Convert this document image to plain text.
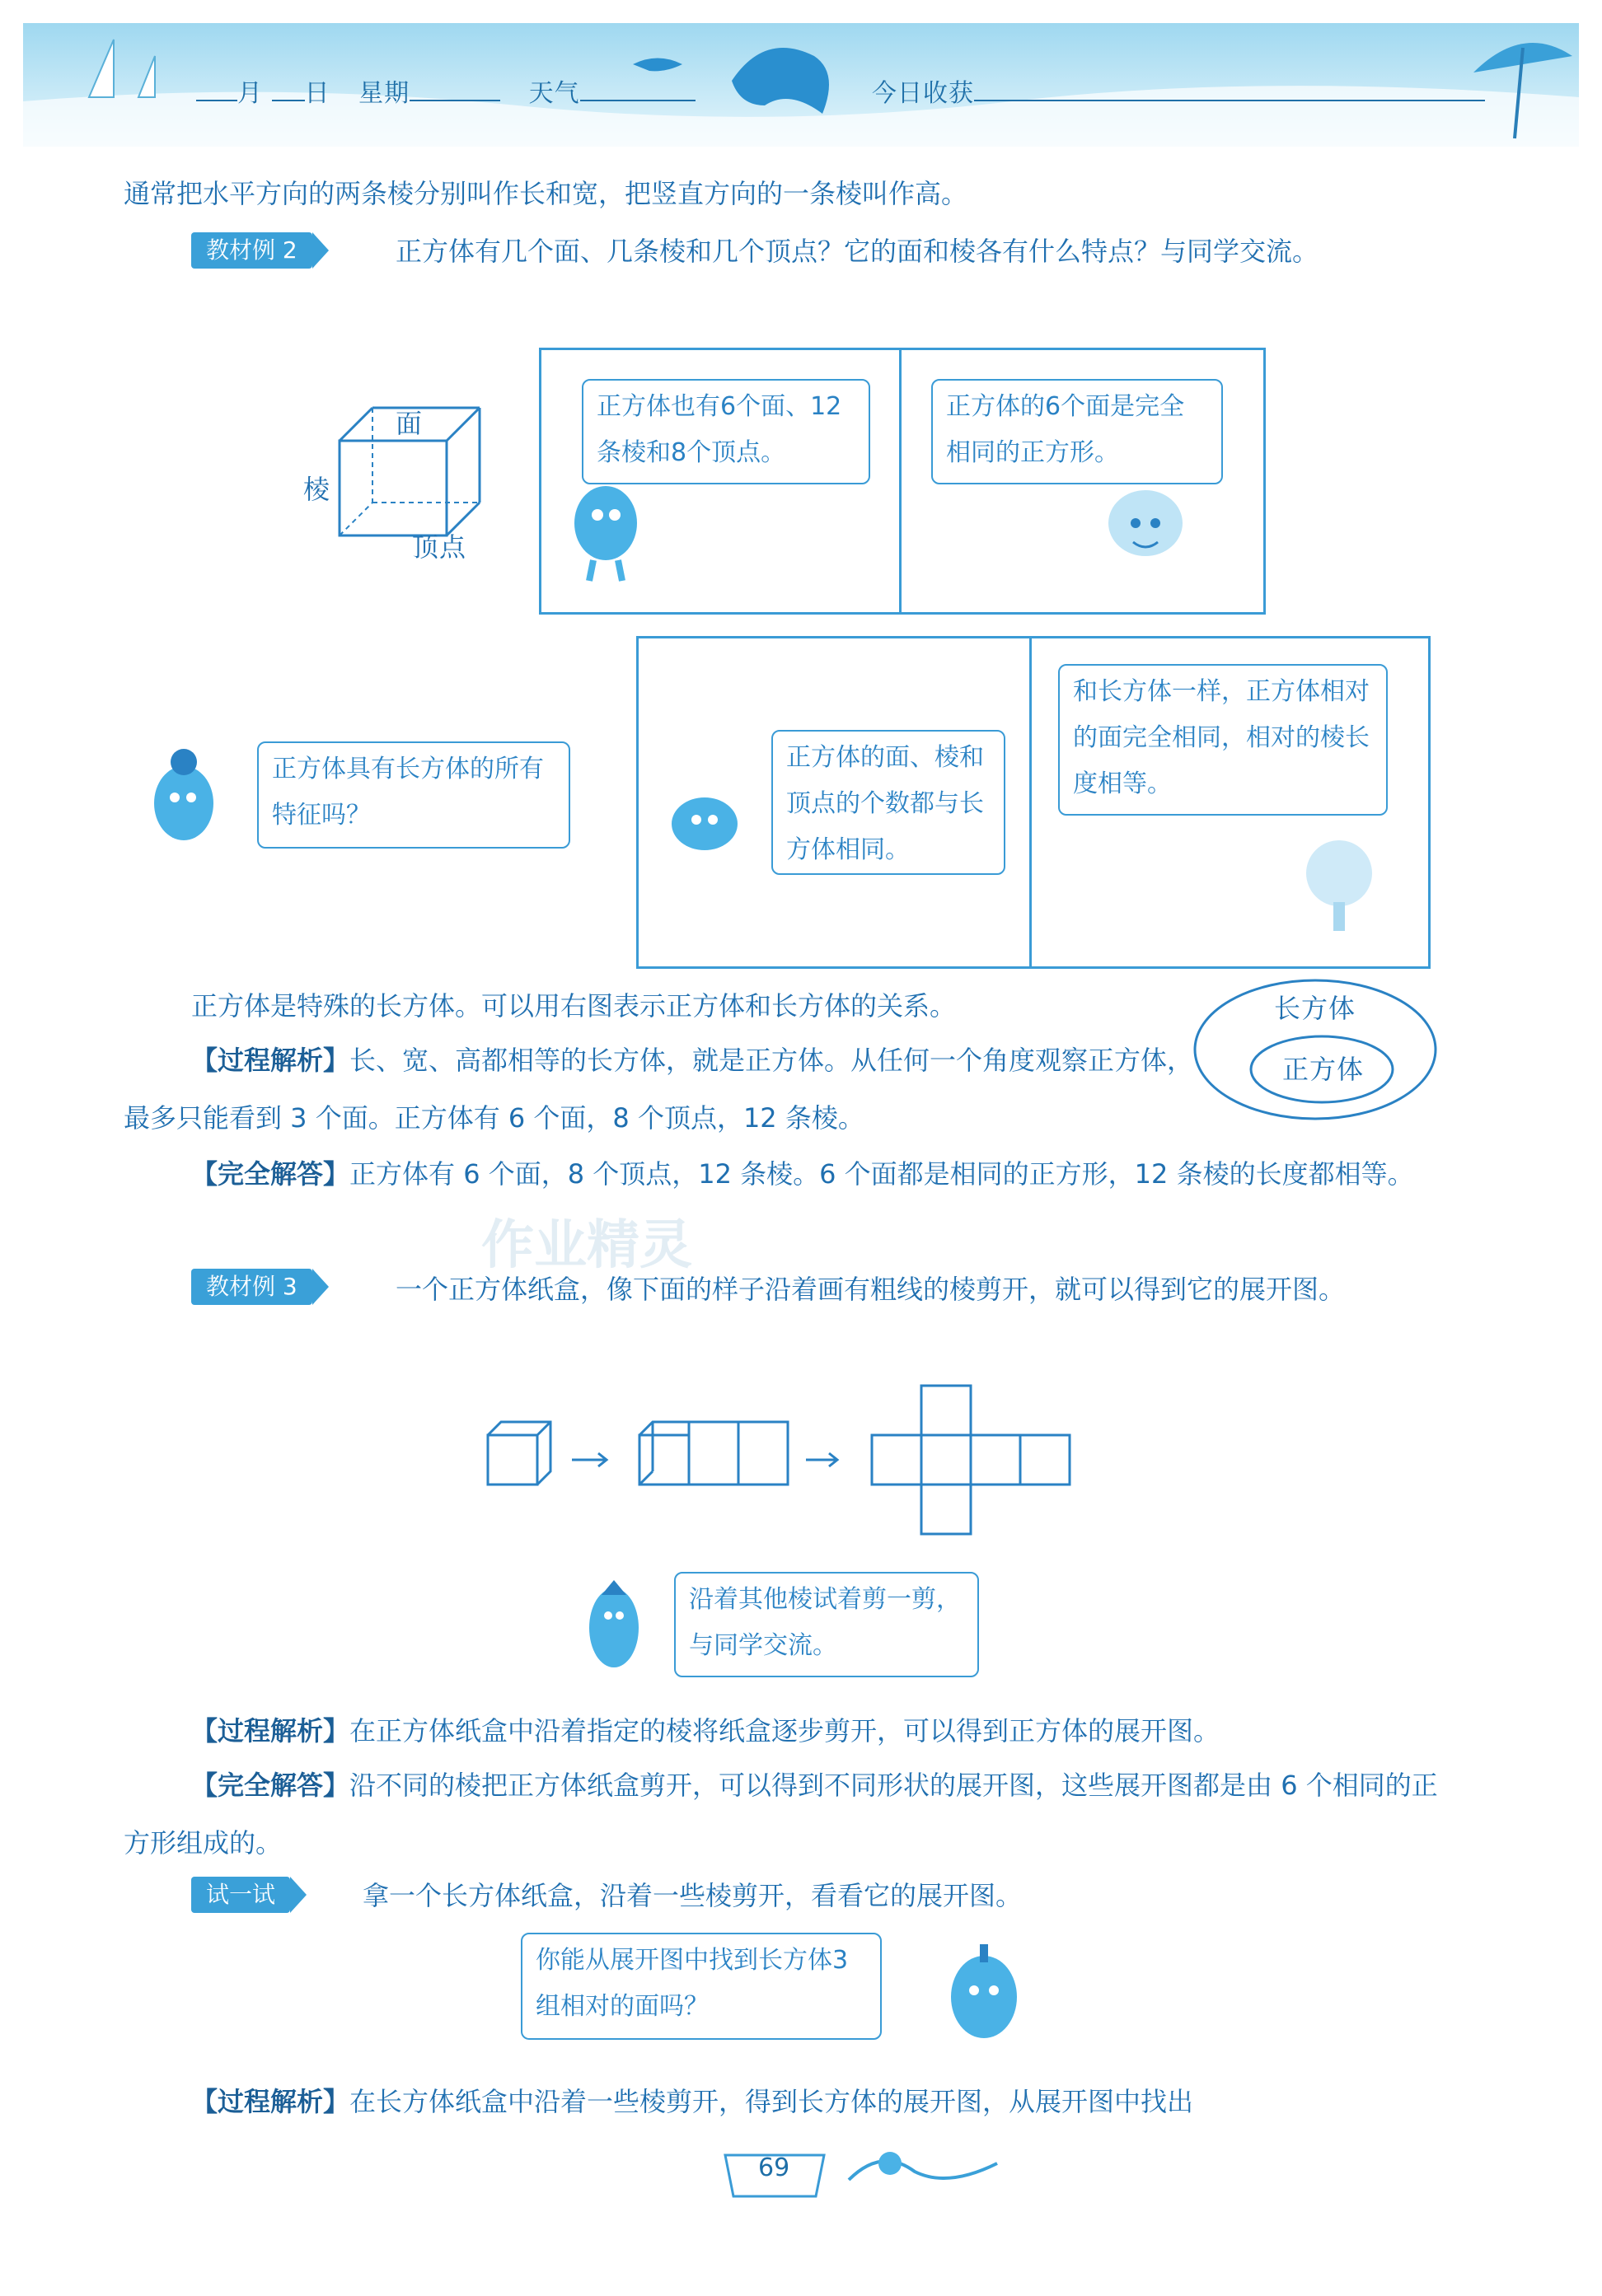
月 日 星期	天气	今日收获
通常把水平方向的两条棱分别叫作长和宽，把竖直方向的一条棱叫作高。
教材例 2	正方体有几个面、几条棱和几个顶点？它的面和棱各有什么特点？与同学交流。
面
棱
顶点
正方体也有6个面、12条棱和8个顶点。
正方体的6个面是完全相同的正方形。
正方体具有长方体的所有特征吗？
正方体的面、棱和顶点的个数都与长方体相同。
和长方体一样，正方体相对的面完全相同，相对的棱长度相等。
正方体是特殊的长方体。可以用右图表示正方体和长方体的关系。	长方体
正方体
【过程解析】长、宽、高都相等的长方体，就是正方体。从任何一个角度观察正方体，最多只能看到 3 个面。正方体有 6 个面，8 个顶点，12 条棱。
【完全解答】正方体有 6 个面，8 个顶点，12 条棱。6 个面都是相同的正方形，12 条棱的长度都相等。
作业精灵
教材例 3	一个正方体纸盒，像下面的样子沿着画有粗线的棱剪开，就可以得到它的展开图。
沿着其他棱试着剪一剪，与同学交流。
【过程解析】在正方体纸盒中沿着指定的棱将纸盒逐步剪开，可以得到正方体的展开图。
【完全解答】沿不同的棱把正方体纸盒剪开，可以得到不同形状的展开图，这些展开图都是由 6 个相同的正方形组成的。
试一试	拿一个长方体纸盒，沿着一些棱剪开，看看它的展开图。
你能从展开图中找到长方体3组相对的面吗？
【过程解析】在长方体纸盒中沿着一些棱剪开，得到长方体的展开图，从展开图中找出
69
